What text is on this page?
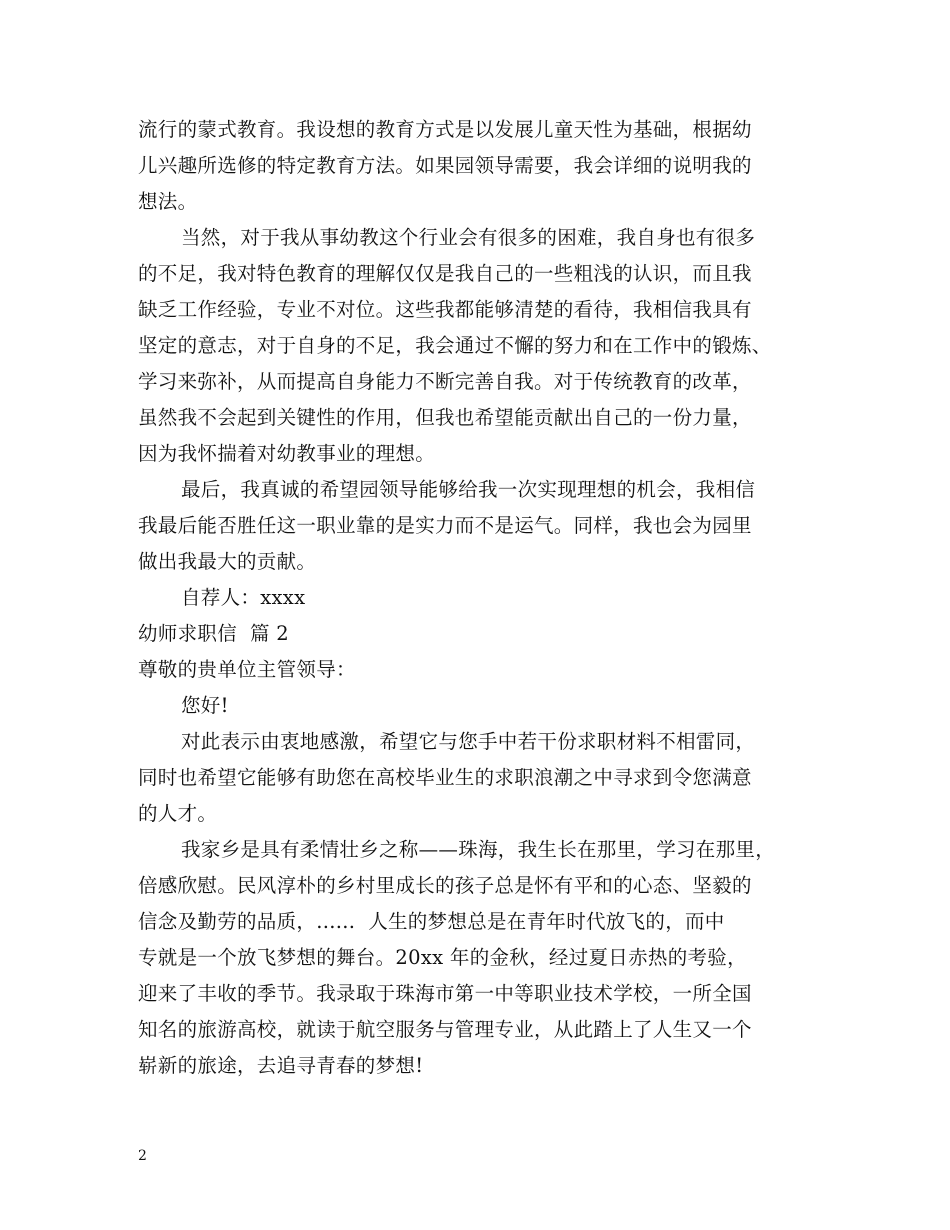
流行的蒙式教育。我设想的教育方式是以发展儿童天性为基础，根据幼
儿兴趣所选修的特定教育方法。如果园领导需要，我会详细的说明我的
想法。
当然，对于我从事幼教这个行业会有很多的困难，我自身也有很多
的不足，我对特色教育的理解仅仅是我自己的一些粗浅的认识，而且我
缺乏工作经验，专业不对位。这些我都能够清楚的看待，我相信我具有
坚定的意志，对于自身的不足，我会通过不懈的努力和在工作中的锻炼、
学习来弥补，从而提高自身能力不断完善自我。对于传统教育的改革，
虽然我不会起到关键性的作用，但我也希望能贡献出自己的一份力量，
因为我怀揣着对幼教事业的理想。
最后，我真诚的希望园领导能够给我一次实现理想的机会，我相信
我最后能否胜任这一职业靠的是实力而不是运气。同样，我也会为园里
做出我最大的贡献。
自荐人：xxxx
幼师求职信  篇 2
尊敬的贵单位主管领导：
您好!
对此表示由衷地感激，希望它与您手中若干份求职材料不相雷同，
同时也希望它能够有助您在高校毕业生的求职浪潮之中寻求到令您满意
的人才。
我家乡是具有柔情壮乡之称——珠海，我生长在那里，学习在那里，
倍感欣慰。民风淳朴的乡村里成长的孩子总是怀有平和的心态、坚毅的
信念及勤劳的品质，......  人生的梦想总是在青年时代放飞的，而中
专就是一个放飞梦想的舞台。20xx 年的金秋，经过夏日赤热的考验，
迎来了丰收的季节。我录取于珠海市第一中等职业技术学校，一所全国
知名的旅游高校，就读于航空服务与管理专业，从此踏上了人生又一个
崭新的旅途，去追寻青春的梦想!
2
